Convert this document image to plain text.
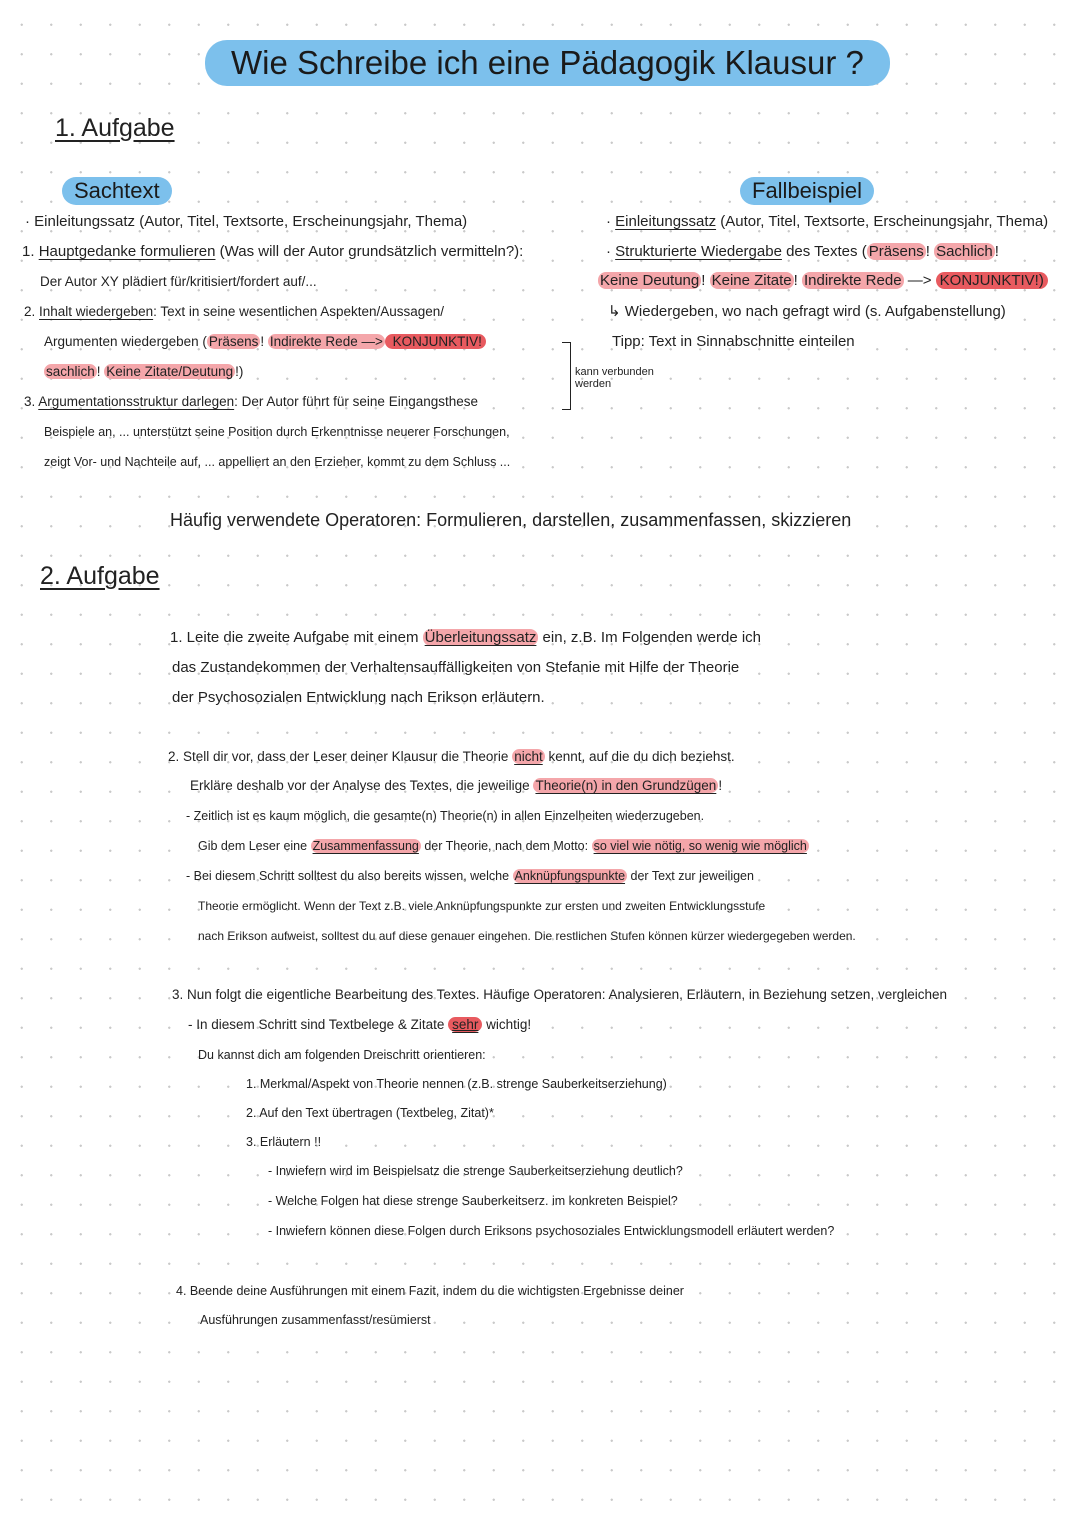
Wie Schreibe ich eine Pädagogik Klausur ?
1. Aufgabe
Sachtext	Fallbeispiel
· Einleitungssatz (Autor, Titel, Textsorte, Erscheinungsjahr, Thema)
1. Hauptgedanke formulieren (Was will der Autor grundsätzlich vermitteln?):
Der Autor XY plädiert für/kritisiert/fordert auf/...
2. Inhalt wiedergeben: Text in seine wesentlichen Aspekten/Aussagen/
Argumenten wiedergeben ( Präsens ! Indirekte Rede —> KONJUNKTIV!
sachlich ! Keine Zitate/Deutung !)
3. Argumentationsstruktur darlegen: Der Autor führt für seine Eingangsthese
Beispiele an, ... unterstützt seine Position durch Erkenntnisse neuerer Forschungen,
zeigt Vor- und Nachteile auf, ... appelliert an den Erzieher, kommt zu dem Schluss ...
kann verbunden werden
· Einleitungssatz (Autor, Titel, Textsorte, Erscheinungsjahr, Thema)
· Strukturierte Wiedergabe des Textes ( Präsens ! Sachlich !
Keine Deutung ! Keine Zitate ! Indirekte Rede —> KONJUNKTIV!)
↳ Wiedergeben, wo nach gefragt wird (s. Aufgabenstellung)
Tipp: Text in Sinnabschnitte einteilen
Häufig verwendete Operatoren: Formulieren, darstellen, zusammenfassen, skizzieren
2. Aufgabe
1. Leite die zweite Aufgabe mit einem Überleitungssatz ein, z.B. Im Folgenden werde ich
das Zustandekommen der Verhaltensauffälligkeiten von Stefanie mit Hilfe der Theorie
der Psychosozialen Entwicklung nach Erikson erläutern.
2. Stell dir vor, dass der Leser deiner Klausur die Theorie nicht kennt, auf die du dich beziehst.
Erkläre deshalb vor der Analyse des Textes, die jeweilige Theorie(n) in den Grundzügen !
- Zeitlich ist es kaum möglich, die gesamte(n) Theorie(n) in allen Einzelheiten wiederzugeben.
Gib dem Leser eine Zusammenfassung der Theorie, nach dem Motto: so viel wie nötig, so wenig wie möglich
- Bei diesem Schritt solltest du also bereits wissen, welche Anknüpfungspunkte der Text zur jeweiligen
Theorie ermöglicht. Wenn der Text z.B. viele Anknüpfungspunkte zur ersten und zweiten Entwicklungsstufe
nach Erikson aufweist, solltest du auf diese genauer eingehen. Die restlichen Stufen können kürzer wiedergegeben werden.
3. Nun folgt die eigentliche Bearbeitung des Textes. Häufige Operatoren: Analysieren, Erläutern, in Beziehung setzen, vergleichen
- In diesem Schritt sind Textbelege & Zitate sehr wichtig!
Du kannst dich am folgenden Dreischritt orientieren:
1. Merkmal/Aspekt von Theorie nennen (z.B. strenge Sauberkeitserziehung)
2. Auf den Text übertragen (Textbeleg, Zitat)*
3. Erläutern !!
- Inwiefern wird im Beispielsatz die strenge Sauberkeitserziehung deutlich?
- Welche Folgen hat diese strenge Sauberkeitserz. im konkreten Beispiel?
- Inwiefern können diese Folgen durch Eriksons psychosoziales Entwicklungsmodell erläutert werden?
4. Beende deine Ausführungen mit einem Fazit, indem du die wichtigsten Ergebnisse deiner
Ausführungen zusammenfasst/resümierst
